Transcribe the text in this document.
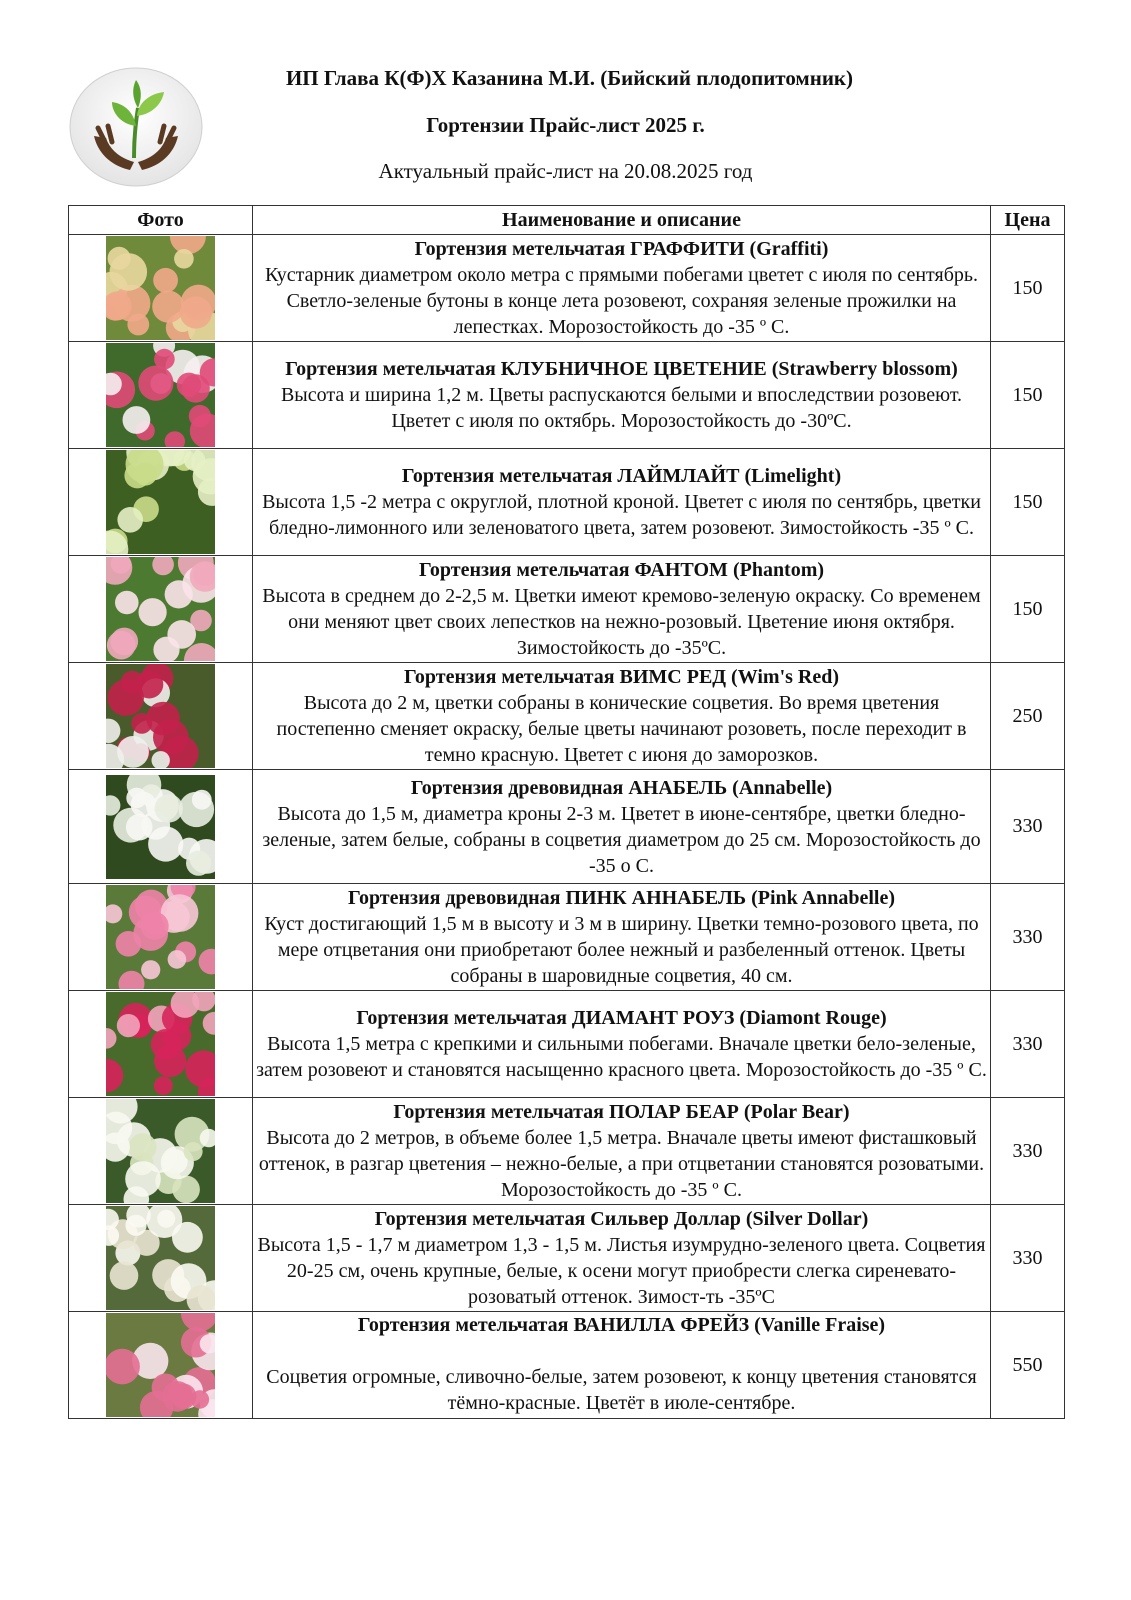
ИП Глава К(Ф)Х Казанина М.И. (Бийский плодопитомник)
Гортензии Прайс-лист 2025 г.
Актуальный прайс-лист на 20.08.2025 год
Фото	Наименование и описание	Цена

Гортензия метельчатая ГРАФФИТИ (Graffiti)
Кустарник диаметром около метра с прямыми побегами цветет с июля по сентябрь. Светло-зеленые бутоны в конце лета розовеют, сохраняя зеленые прожилки на лепестках. Морозостойкость до -35 º С.	150

Гортензия метельчатая КЛУБНИЧНОЕ ЦВЕТЕНИЕ (Strawberry blossom)
Высота и ширина 1,2 м. Цветы распускаются белыми и впоследствии розовеют. Цветет с июля по октябрь. Морозостойкость до -30ºС.	150

Гортензия метельчатая ЛАЙМЛАЙТ (Limelight)
Высота 1,5 -2 метра с округлой, плотной кроной. Цветет с июля по сентябрь, цветки бледно-лимонного или зеленоватого цвета, затем розовеют. Зимостойкость -35 º С.	150

Гортензия метельчатая ФАНТОМ (Phantom)
Высота в среднем до 2-2,5 м. Цветки имеют кремово-зеленую окраску. Со временем они меняют цвет своих лепестков на нежно-розовый. Цветение июня октября. Зимостойкость до -35ºС.	150

Гортензия метельчатая ВИМС РЕД (Wim's Red)
Высота до 2 м, цветки собраны в конические соцветия. Во время цветения постепенно сменяет окраску, белые цветы начинают розоветь, после переходит в темно красную. Цветет с июня до заморозков.	250

Гортензия древовидная АНАБЕЛЬ (Annabelle)
Высота до 1,5 м, диаметра кроны 2-3 м. Цветет в июне-сентябре, цветки бледно-зеленые, затем белые, собраны в соцветия диаметром до 25 см. Морозостойкость до -35 о С.	330

Гортензия древовидная ПИНК АННАБЕЛЬ (Pink Annabelle)
Куст достигающий 1,5 м в высоту и 3 м в ширину. Цветки темно-розового цвета, по мере отцветания они приобретают более нежный и разбеленный оттенок. Цветы собраны в шаровидные соцветия, 40 см.	330

Гортензия метельчатая ДИАМАНТ РОУЗ (Diamont Rouge)
Высота 1,5 метра с крепкими и сильными побегами. Вначале цветки бело-зеленые, затем розовеют и становятся насыщенно красного цвета. Морозостойкость до -35 º С.	330

Гортензия метельчатая ПОЛАР БЕАР (Polar Bear)
Высота до 2 метров, в объеме более 1,5 метра. Вначале цветы имеют фисташковый оттенок, в разгар цветения – нежно-белые, а при отцветании становятся розоватыми. Морозостойкость до -35 º С.	330

Гортензия метельчатая Сильвер Доллар (Silver Dollar)
Высота 1,5 - 1,7 м диаметром 1,3 - 1,5 м. Листья изумрудно-зеленого цвета. Соцветия 20-25 см, очень крупные, белые, к осени могут приобрести слегка сиреневато-розоватый оттенок. Зимост-ть -35ºС	330

Гортензия метельчатая ВАНИЛЛА ФРЕЙЗ (Vanille Fraise)
Соцветия огромные, сливочно-белые, затем розовеют, к концу цветения становятся тёмно-красные. Цветёт в июле-сентябре.	550
